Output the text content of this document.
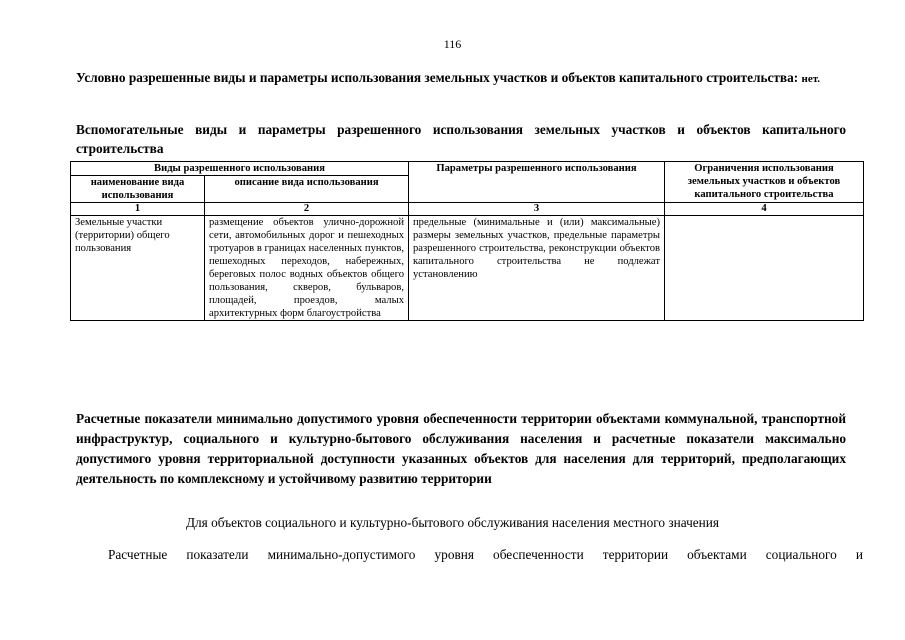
116
Условно разрешенные виды и параметры использования земельных участков и объектов капитального строительства: нет.
Вспомогательные виды и параметры разрешенного использования земельных участков и объектов капитального строительства
Виды разрешенного использования		Параметры разрешенного использования	Ограничения использования земельных участков и объектов капитального строительства
наименование вида использования	описание вида использования		
1	2	3	4
Земельные участки (территории) общего пользования	размещение объектов улично-дорожной сети, автомобильных дорог и пешеходных тротуаров в границах населенных пунктов, пешеходных переходов, набережных, береговых полос водных объектов общего пользования, скверов, бульваров, площадей, проездов, малых архитектурных форм благоустройства	предельные (минимальные и (или) максимальные) размеры земельных участков, предельные параметры разрешенного строительства, реконструкции объектов капитального строительства не подлежат установлению	
Расчетные показатели минимально допустимого уровня обеспеченности территории объектами коммунальной, транспортной инфраструктур, социального и культурно-бытового обслуживания населения и расчетные показатели максимально допустимого уровня территориальной доступности указанных объектов для населения для территорий, предполагающих деятельность по комплексному и устойчивому развитию территории
Для объектов социального и культурно-бытового обслуживания населения местного значения
Расчетные показатели минимально-допустимого уровня обеспеченности территории объектами социального и
